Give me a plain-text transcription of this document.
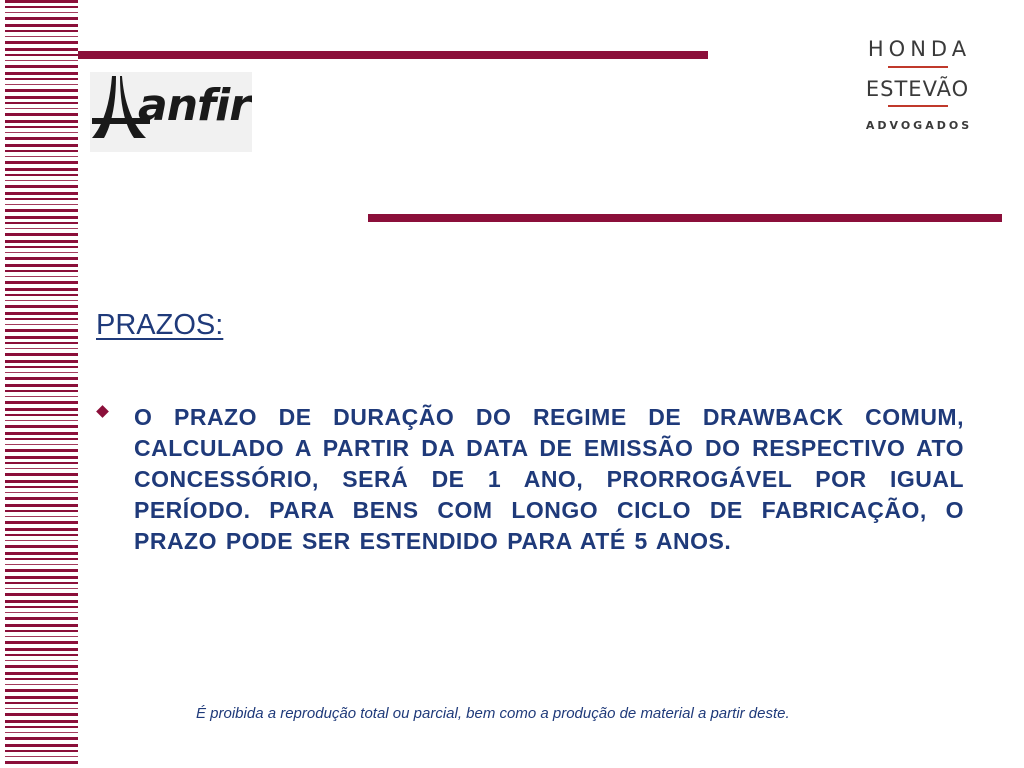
anfir
HONDA
ESTEVÃO
ADVOGADOS
PRAZOS:
O PRAZO DE DURAÇÃO DO REGIME DE DRAWBACK COMUM, CALCULADO A PARTIR DA DATA DE EMISSÃO DO RESPECTIVO ATO CONCESSÓRIO, SERÁ DE 1 ANO, PRORROGÁVEL POR IGUAL PERÍODO. PARA BENS COM LONGO CICLO DE FABRICAÇÃO, O PRAZO PODE SER ESTENDIDO PARA ATÉ 5 ANOS.
É proibida a reprodução total ou parcial, bem como a produção de material a partir deste.
